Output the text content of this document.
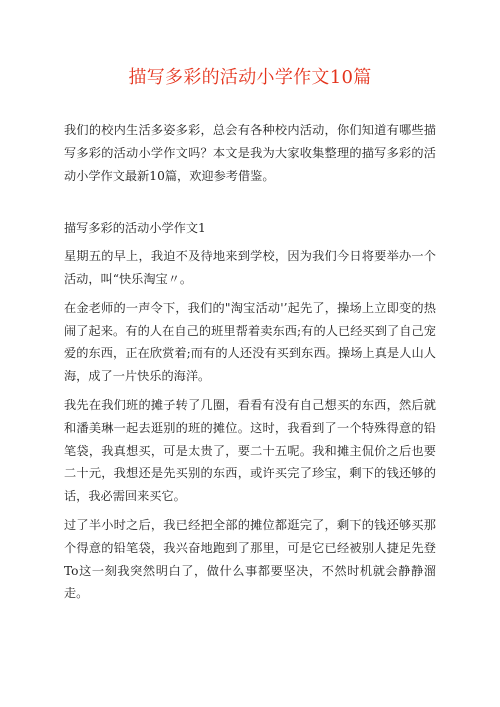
描写多彩的活动小学作文10篇

我们的校内生活多姿多彩，总会有各种校内活动，你们知道有哪些描写多彩的活动小学作文吗？本文是我为大家收集整理的描写多彩的活动小学作文最新10篇，欢迎参考借鉴。

描写多彩的活动小学作文1

星期五的早上，我迫不及待地来到学校，因为我们今日将要举办一个活动，叫“快乐淘宝〃。

在金老师的一声令下，我们的"淘宝活动'’起先了，操场上立即变的热闹了起来。有的人在自己的班里帮着卖东西;有的人已经买到了自己宠爱的东西，正在欣赏着;而有的人还没有买到东西。操场上真是人山人海，成了一片快乐的海洋。

我先在我们班的摊子转了几圈，看看有没有自己想买的东西，然后就和潘美琳一起去逛别的班的摊位。这时，我看到了一个特殊得意的铅笔袋，我真想买，可是太贵了，要二十五呢。我和摊主侃价之后也要二十元，我想还是先买别的东西，或许买完了珍宝，剩下的钱还够的话，我必需回来买它。

过了半小时之后，我已经把全部的摊位都逛完了，剩下的钱还够买那个得意的铅笔袋，我兴奋地跑到了那里，可是它已经被别人捷足先登To这一刻我突然明白了，做什么事都要坚决，不然时机就会静静溜走。
